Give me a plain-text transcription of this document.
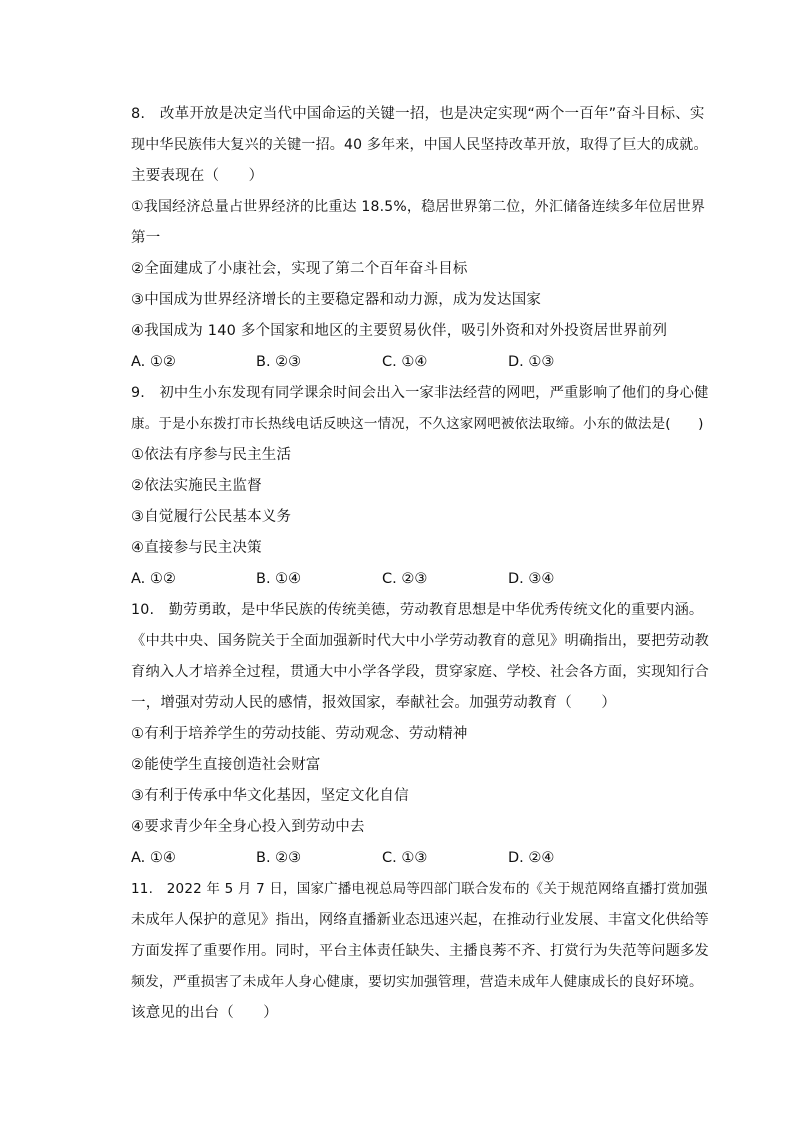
8.　改革开放是决定当代中国命运的关键一招，也是决定实现“两个一百年”奋斗目标、实
现中华民族伟大复兴的关键一招。40 多年来，中国人民坚持改革开放，取得了巨大的成就。
主要表现在（　　）
①我国经济总量占世界经济的比重达 18.5%，稳居世界第二位，外汇储备连续多年位居世界
第一
②全面建成了小康社会，实现了第二个百年奋斗目标
③中国成为世界经济增长的主要稳定器和动力源，成为发达国家
④我国成为 140 多个国家和地区的主要贸易伙伴，吸引外资和对外投资居世界前列
A. ①②	B. ②③	C. ①④	D. ①③
9.　初中生小东发现有同学课余时间会出入一家非法经营的网吧，严重影响了他们的身心健
康。于是小东拨打市长热线电话反映这一情况，不久这家网吧被依法取缔。小东的做法是(　　)
①依法有序参与民主生活
②依法实施民主监督
③自觉履行公民基本义务
④直接参与民主决策
A. ①②	B. ①④	C. ②③	D. ③④
10.　勤劳勇敢，是中华民族的传统美德，劳动教育思想是中华优秀传统文化的重要内涵。
《中共中央、国务院关于全面加强新时代大中小学劳动教育的意见》明确指出，要把劳动教
育纳入人才培养全过程，贯通大中小学各学段，贯穿家庭、学校、社会各方面，实现知行合
一，增强对劳动人民的感情，报效国家，奉献社会。加强劳动教育（　　）
①有利于培养学生的劳动技能、劳动观念、劳动精神
②能使学生直接创造社会财富
③有利于传承中华文化基因，坚定文化自信
④要求青少年全身心投入到劳动中去
A. ①④	B. ②③	C. ①③	D. ②④
11.　2022 年 5 月 7 日，国家广播电视总局等四部门联合发布的《关于规范网络直播打赏加强
未成年人保护的意见》指出，网络直播新业态迅速兴起，在推动行业发展、丰富文化供给等
方面发挥了重要作用。同时，平台主体责任缺失、主播良莠不齐、打赏行为失范等问题多发
频发，严重损害了未成年人身心健康，要切实加强管理，营造未成年人健康成长的良好环境。
该意见的出台（　　）
